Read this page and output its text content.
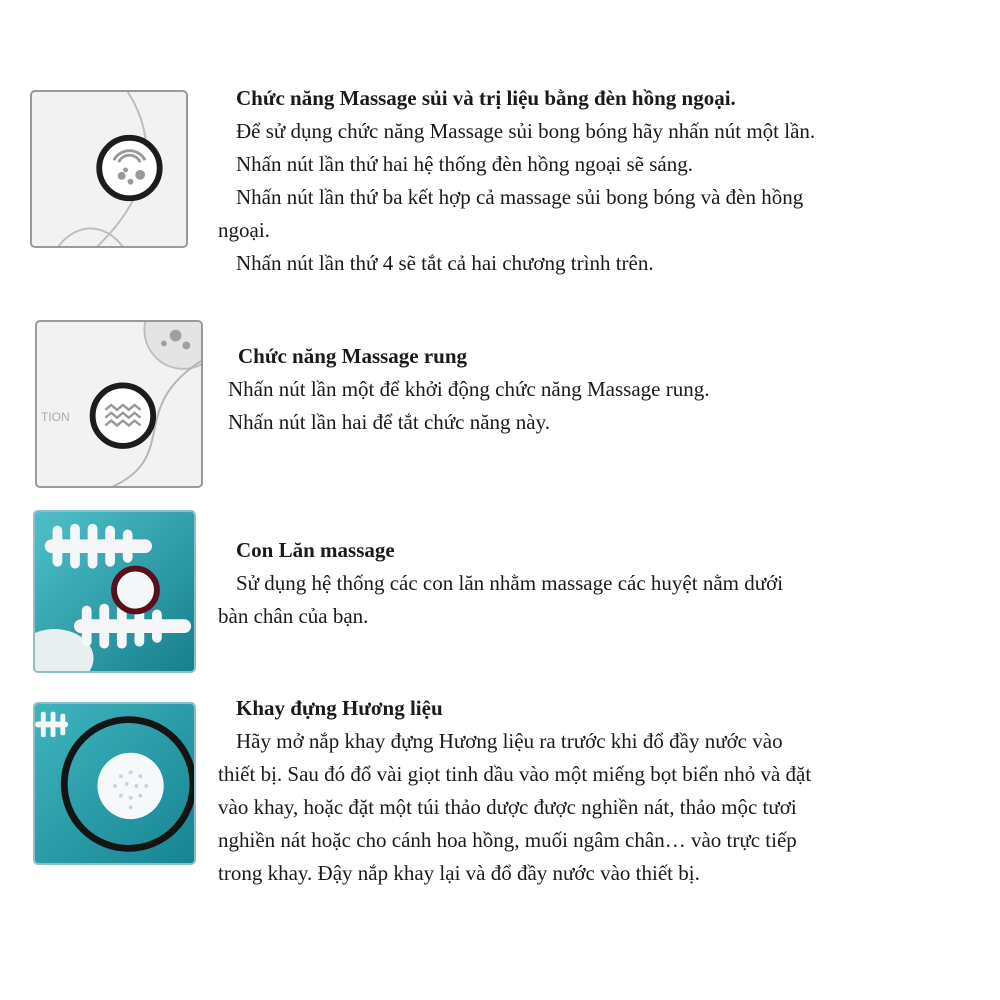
Chức năng Massage sủi và trị liệu bằng đèn hồng ngoại.

Để sử dụng chức năng Massage sủi bong bóng hãy nhấn nút một lần.

Nhấn nút lần thứ hai hệ thống đèn hồng ngoại sẽ sáng.

Nhấn nút lần thứ ba kết hợp cả massage sủi bong bóng và đèn hồng

ngoại.

Nhấn nút lần thứ 4 sẽ tắt cả hai chương trình trên.

TION

Chức năng Massage rung

Nhấn nút lần một để khởi động chức năng Massage rung.

Nhấn nút lần hai để tắt chức năng này.

Con Lăn massage

Sử dụng hệ thống các con lăn nhằm massage các huyệt nằm dưới

bàn chân của bạn.

Khay đựng Hương liệu

Hãy mở nắp khay đựng Hương liệu ra trước khi đổ đầy nước vào

thiết bị. Sau đó đổ vài giọt tinh dầu vào một miếng bọt biển nhỏ và đặt

vào khay, hoặc đặt một túi thảo dược được nghiền nát, thảo mộc tươi

nghiền nát hoặc cho cánh hoa hồng, muối ngâm chân… vào trực tiếp

trong khay. Đậy nắp khay lại và đổ đầy nước vào thiết bị.
